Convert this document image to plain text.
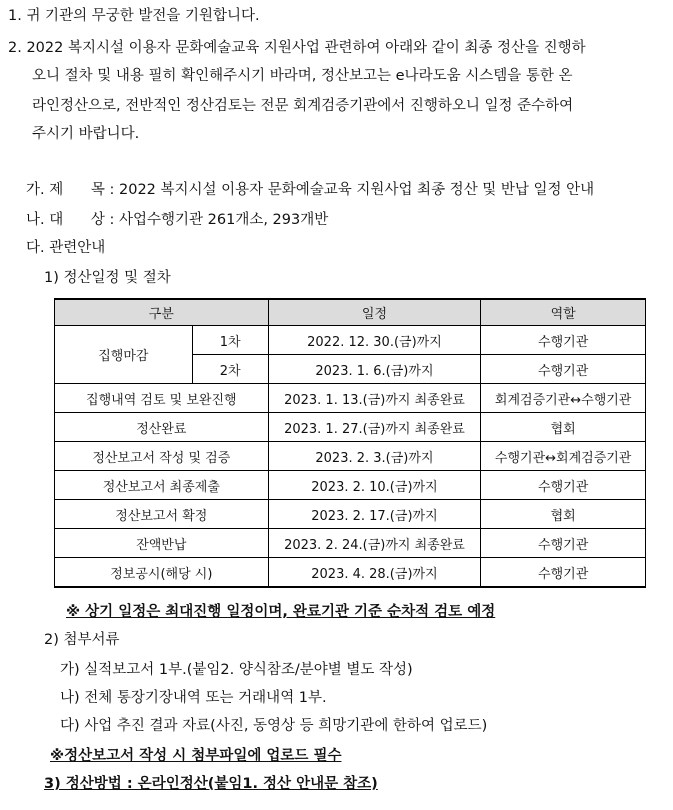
1. 귀 기관의 무궁한 발전을 기원합니다.
2. 2022 복지시설 이용자 문화예술교육 지원사업 관련하여 아래와 같이 최종 정산을 진행하
오니 절차 및 내용 필히 확인해주시기 바라며, 정산보고는 e나라도움 시스템을 통한 온
라인정산으로, 전반적인 정산검토는 전문 회계검증기관에서 진행하오니 일정 준수하여
주시기 바랍니다.
가. 제      목 : 2022 복지시설 이용자 문화예술교육 지원사업 최종 정산 및 반납 일정 안내
나. 대      상 : 사업수행기관 261개소, 293개반
다. 관련안내
1) 정산일정 및 절차
구분		일정	역할
집행마감	1차	2022. 12. 30.(금)까지	수행기관
	2차	2023. 1. 6.(금)까지	수행기관
집행내역 검토 및 보완진행		2023. 1. 13.(금)까지 최종완료	회계검증기관↔수행기관
정산완료		2023. 1. 27.(금)까지 최종완료	협회
정산보고서 작성 및 검증		2023. 2. 3.(금)까지	수행기관↔회계검증기관
정산보고서 최종제출		2023. 2. 10.(금)까지	수행기관
정산보고서 확정		2023. 2. 17.(금)까지	협회
잔액반납		2023. 2. 24.(금)까지 최종완료	수행기관
정보공시(해당 시)		2023. 4. 28.(금)까지	수행기관
※ 상기 일정은 최대진행 일정이며, 완료기관 기준 순차적 검토 예정
2) 첨부서류
가) 실적보고서 1부.(붙임2. 양식참조/분야별 별도 작성)
나) 전체 통장기장내역 또는 거래내역 1부.
다) 사업 추진 결과 자료(사진, 동영상 등 희망기관에 한하여 업로드)
※정산보고서 작성 시 첨부파일에 업로드 필수
3) 정산방법 : 온라인정산(붙임1. 정산 안내문 참조)
